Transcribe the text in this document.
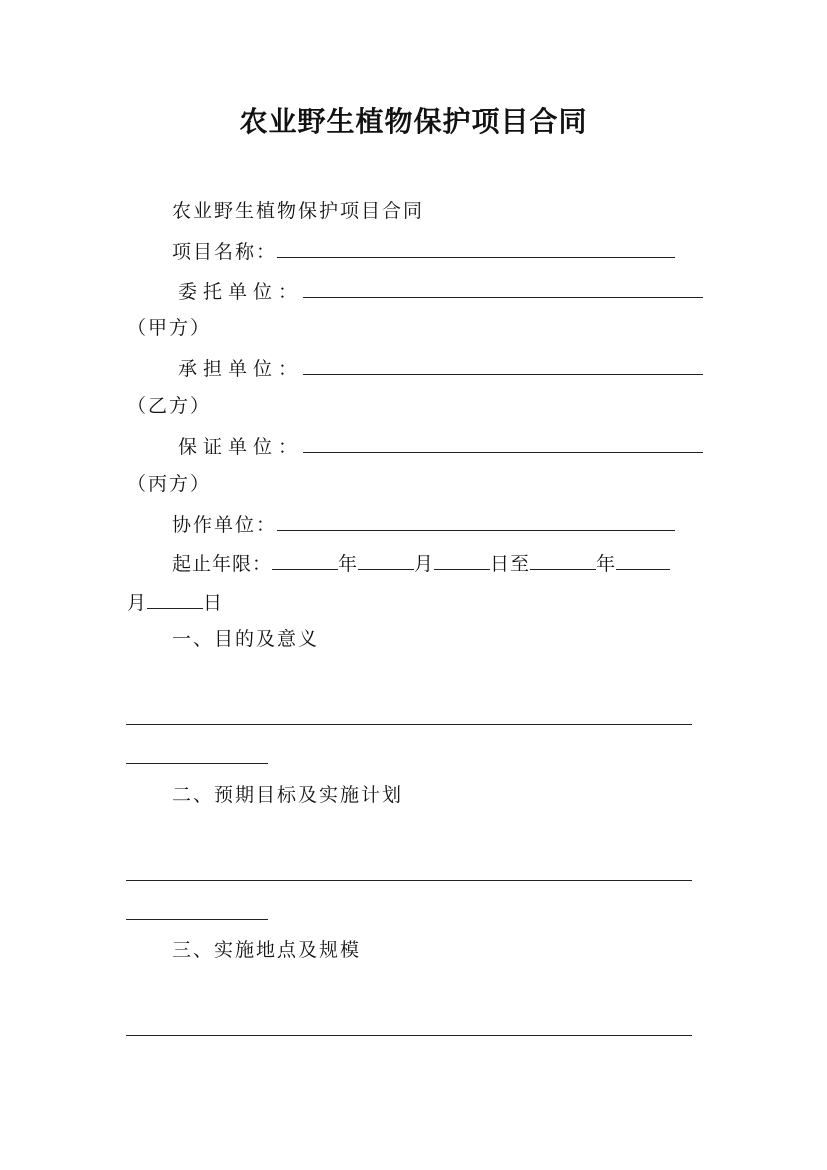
农业野生植物保护项目合同
农业野生植物保护项目合同
项目名称：
委托单位：
（甲方）
承担单位：
（乙方）
保证单位：
（丙方）
协作单位：
起止年限：	年	月	日至	年
月	日
一、目的及意义
二、预期目标及实施计划
三、实施地点及规模
